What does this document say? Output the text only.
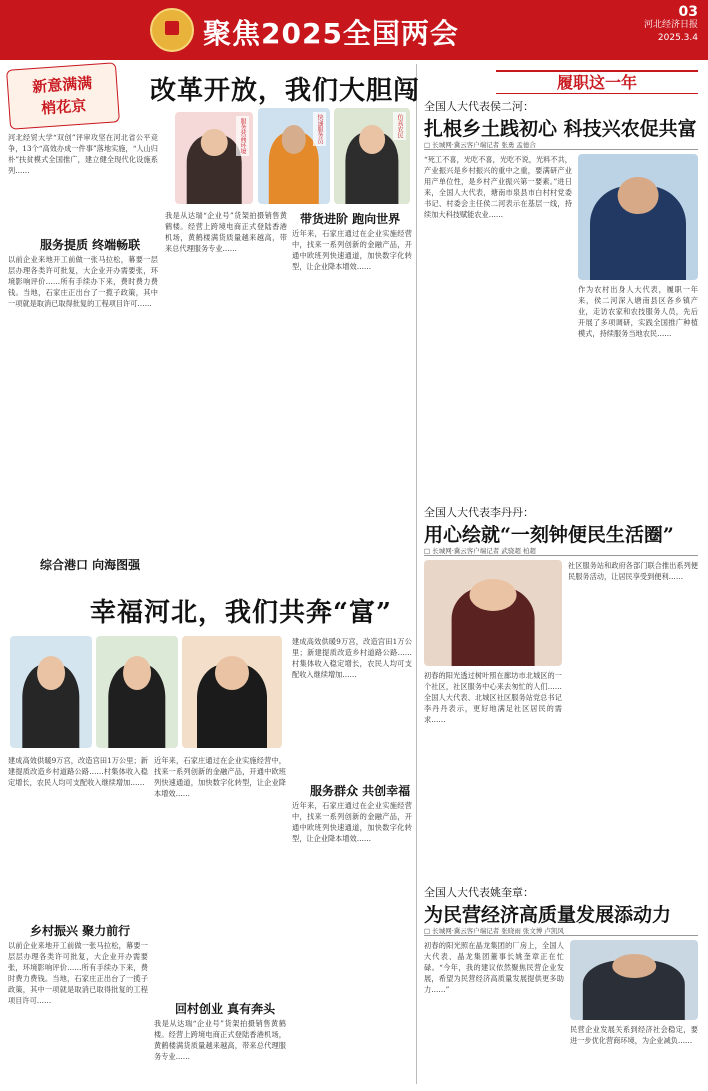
聚焦2025全国两会
03
河北经济日报
2025.3.4
新意满满
梢花京
改革开放，我们大胆闯
服务营商环境	快递服务员	仿真农民
河北经贸大学“双创”评审攻坚在河北省公平竞争，13个“高效办成一件事”落地实施，“人山归朴”扶贫模式全国推广，建立健全现代化设施系列……
服务提质 终端畅联
以前企业来地开工前做一张马拉松，幕要一层层办理各类许可批复，大企业开办需要张，环境影响评价……所有手续办下来，费时费力费钱。当地，石家庄正出台了一揽子政策，其中一项就是取消已取得批复的工程项目许可……
综合港口 向海图强
我是从达瑞“企业号”货架拍摄销售黄鹤楼。经营上跨境电商正式登陆香港机场，黄鹤楼满货质量越来越高，带来总代理服务专业……
带货进阶 跑向世界
近年来，石家庄通过在企业实施经营中，找来一系列创新的金融产品，开通中欧班列快速通道，加快数字化转型，让企业降本增效……
幸福河北，我们共奔“富”
建成高效供暖9万宫，改造宫田1万公里；新建提质改造乡村道路公路……村集体收入稳定增长，农民人均可支配收入继续增加……
服务群众 共创幸福
建成高效供暖9万宫，改造宫田1万公里；新建提质改造乡村道路公路……村集体收入稳定增长，农民人均可支配收入继续增加……
乡村振兴 聚力前行
以前企业来地开工前做一张马拉松，幕要一层层办理各类许可批复，大企业开办需要张，环境影响评价……所有手续办下来，费时费力费钱。当地，石家庄正出台了一揽子政策，其中一项就是取消已取得批复的工程项目许可……
近年来，石家庄通过在企业实施经营中，找来一系列创新的金融产品，开通中欧班列快速通道，加快数字化转型，让企业降本增效……
回村创业 真有奔头
我是从达瑞“企业号”货架拍摄销售黄鹤楼。经营上跨境电商正式登陆香港机场，黄鹤楼满货质量越来越高，带来总代理服务专业……
近年来，石家庄通过在企业实施经营中，找来一系列创新的金融产品，开通中欧班列快速通道，加快数字化转型，让企业降本增效……
履职这一年
全国人大代表侯二河：
扎根乡土践初心 科技兴农促共富
□ 长城网·冀云客户端记者 张勇 孟德合
“死工不喜，光吃不喜，光吃不说，光料不共，产业振兴是乡村振兴的重中之重，要满研产业用产单位性，是乡村产业振兴第一要素。”进日来，全国人大代表，塘南市泉县市白村村党委书记、村委会主任侯二河表示在基层一线，持续加大科技赋能农业……
作为农村出身人大代表，履职一年来，侯二河深入塘南县区各乡镇产业，走访农家和农技服务人员，先后开展了多项调研，实践全国推广种植模式，持续服务当地农民……
全国人大代表李丹丹：
用心绘就“一刻钟便民生活圈”
□ 长城网·冀云客户端记者 武骁超 柏超
初春的阳光透过树叶照在廊坊市北城区的一个社区，社区服务中心来去匆忙的人们……全国人大代表、北城区社区服务站党总书记李丹丹表示，更好地满足社区居民的需求……
社区服务站和政府各部门联合推出系列便民服务活动，让居民享受到便利……
全国人大代表姚奎章：
为民营经济高质量发展添动力
□ 长城网·冀云客户端记者 张晓雨 张文博 卢凯风
初春的阳光照在晶龙集团的厂房上，全国人大代表、晶龙集团董事长姚奎章正在忙碌。“今年，我的建议依然聚焦民营企业发展，希望为民营经济高质量发展提供更多助力……”
民营企业发展关系到经济社会稳定，要进一步优化营商环境，为企业减负……
